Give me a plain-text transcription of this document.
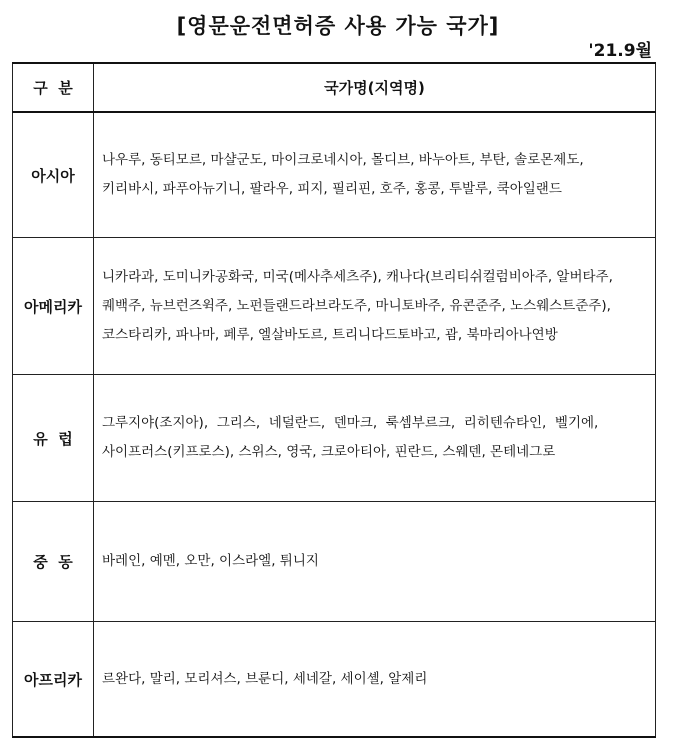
[영문운전면허증 사용 가능 국가]
'21.9월
구  분	국가명(지역명)
아시아	나우루, 동티모르, 마샬군도, 마이크로네시아, 몰디브, 바누아트, 부탄, 솔로몬제도,
키리바시, 파푸아뉴기니, 팔라우, 피지, 필리핀, 호주, 홍콩, 투발루, 쿡아일랜드

아메리카	니카라과, 도미니카공화국, 미국(메사추세츠주), 캐나다(브리티쉬컬럼비아주, 알버타주,
퀘백주, 뉴브런즈윅주, 노펀들랜드라브라도주, 마니토바주, 유콘준주, 노스웨스트준주),
코스타리카, 파나마, 페루, 엘살바도르, 트리니다드토바고, 괌, 북마리아나연방

유  럽	그루지야(조지아),  그리스,  네덜란드,  덴마크,  룩셈부르크,  리히텐슈타인,  벨기에,
사이프러스(키프로스), 스위스, 영국, 크로아티아, 핀란드, 스웨덴, 몬테네그로

중  동	바레인, 예멘, 오만, 이스라엘, 튀니지

아프리카	르완다, 말리, 모리셔스, 브룬디, 세네갈, 세이셸, 알제리
